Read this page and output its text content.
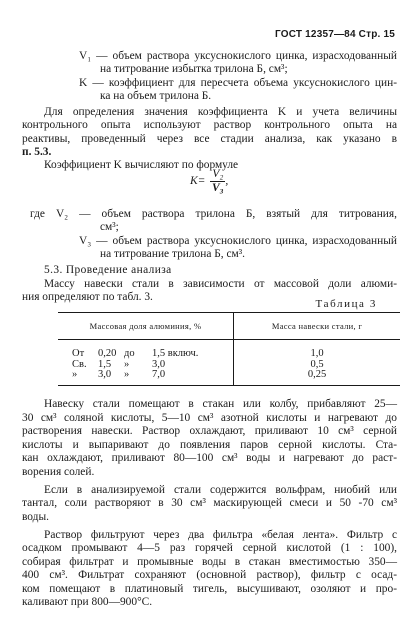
ГОСТ 12357—84 Стр. 15
V₁ — объем раствора уксуснокислого цинка, израсходованный
на титрование избытка трилона Б, см³;
K — коэффициент для пересчета объема уксуснокислого цин-
ка на объем трилона Б.
Для определения значения коэффициента K и учета величины
контрольного опыта используют раствор контрольного опыта на
реактивы, проведенный через все стадии анализа, как указано в
п. 5.3.
Коэффициент K вычисляют по формуле
$K= \frac{\text{V₂}}{\text{V₃}}$ ,
где V₂ — объем раствора трилона Б, взятый для титрования,
см³;
V₃ — объем раствора уксуснокислого цинка, израсходованный
на титрование трилона Б, см³.
5.3. Проведение анализа
Массу навески стали в зависимости от массовой доли алюми-
ния определяют по табл. 3.
Таблица 3
Массовая доля алюминия, %	Масса навески стали, г
От 0,20 до 1,5 включ.	1,0
Св. 1,5 » 3,0	0,5
» 3,0 » 7,0	0,25
Навеску стали помещают в стакан или колбу, прибавляют 25—
30 см³ соляной кислоты, 5—10 см³ азотной кислоты и нагревают до
растворения навески. Раствор охлаждают, приливают 10 см³ серной
кислоты и выпаривают до появления паров серной кислоты. Ста-
кан охлаждают, приливают 80—100 см³ воды и нагревают до раст-
ворения солей.
Если в анализируемой стали содержится вольфрам, ниобий или
тантал, соли растворяют в 30 см³ маскирующей смеси и 50 -70 см³
воды.
Раствор фильтруют через два фильтра «белая лента». Фильтр с
осадком промывают 4—5 раз горячей серной кислотой (1 : 100),
собирая фильтрат и промывные воды в стакан вместимостью 350—
400 см³. Фильтрат сохраняют (основной раствор), фильтр с осад-
ком помещают в платиновый тигель, высушивают, озоляют и про-
каливают при 800—900°С.
